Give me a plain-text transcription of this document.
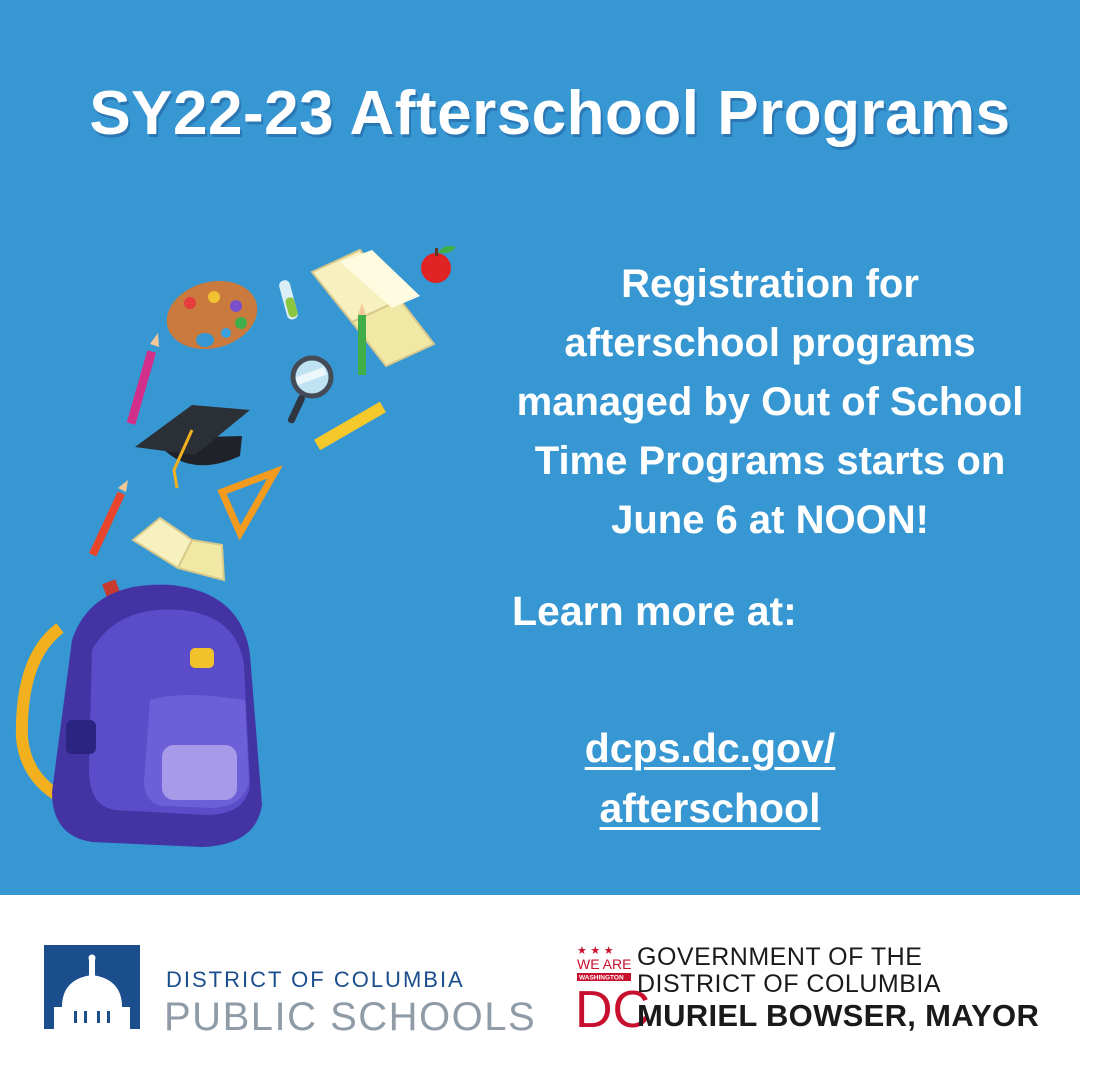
SY22-23 Afterschool Programs
Registration for
afterschool programs
managed by Out of School
Time Programs starts on
June 6 at NOON!
Learn more at:
dcps.dc.gov/
afterschool
DISTRICT OF COLUMBIA
PUBLIC SCHOOLS
★ ★ ★
WE ARE
WASHINGTON
DC
GOVERNMENT OF THE
DISTRICT OF COLUMBIA
MURIEL BOWSER, MAYOR
